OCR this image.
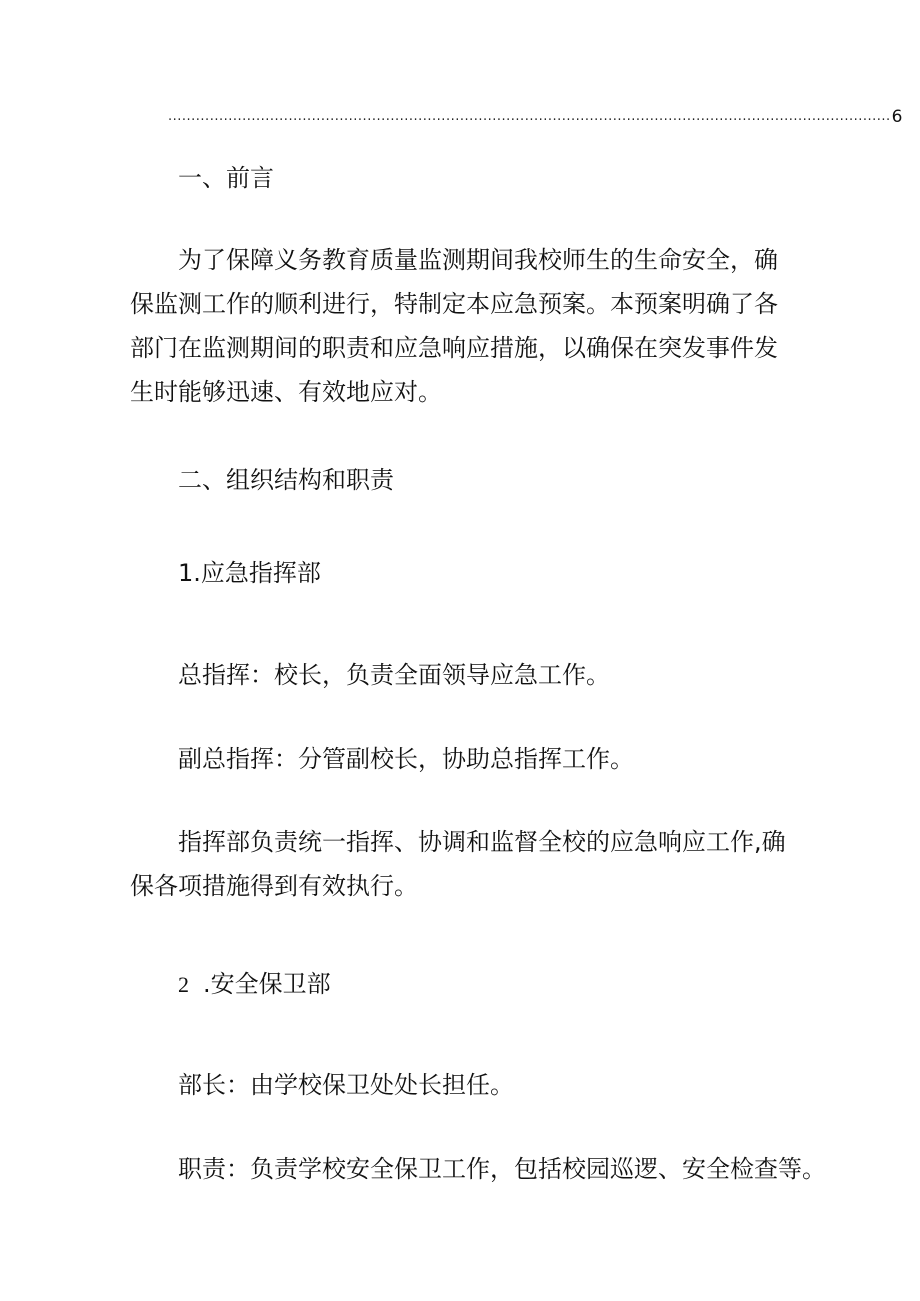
............................................................................................................................................................ 6

一、前言

为了保障义务教育质量监测期间我校师生的生命安全，确保监测工作的顺利进行，特制定本应急预案。本预案明确了各部门在监测期间的职责和应急响应措施，以确保在突发事件发生时能够迅速、有效地应对。

二、组织结构和职责

1.应急指挥部

总指挥：校长，负责全面领导应急工作。

副总指挥：分管副校长，协助总指挥工作。

指挥部负责统一指挥、协调和监督全校的应急响应工作,确保各项措施得到有效执行。

2 .安全保卫部

部长：由学校保卫处处长担任。

职责：负责学校安全保卫工作，包括校园巡逻、安全检查等。
